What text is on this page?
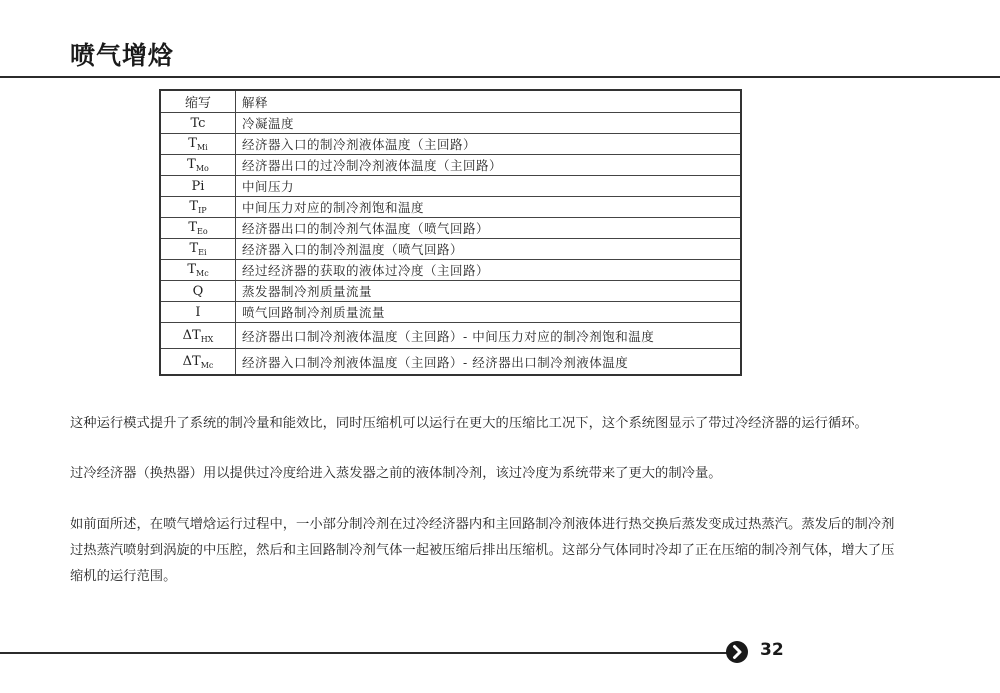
喷气增焓
缩写	解释
Tc	冷凝温度
$T_{Mi}$	经济器入口的制冷剂液体温度（主回路）
$T_{Mo}$	经济器出口的过冷制冷剂液体温度（主回路）
Pi	中间压力
$T_{IP}$	中间压力对应的制冷剂饱和温度
$T_{Eo}$	经济器出口的制冷剂气体温度（喷气回路）
$T_{Ei}$	经济器入口的制冷剂温度（喷气回路）
$T_{Mc}$	经过经济器的获取的液体过冷度（主回路）
Q	蒸发器制冷剂质量流量
I	喷气回路制冷剂质量流量
$\Delta T_{HX}$	经济器出口制冷剂液体温度（主回路）- 中间压力对应的制冷剂饱和温度
$\Delta T_{Mc}$	经济器入口制冷剂液体温度（主回路）- 经济器出口制冷剂液体温度

这种运行模式提升了系统的制冷量和能效比，同时压缩机可以运行在更大的压缩比工况下，这个系统图显示了带过冷经济器的运行循环。

过冷经济器（换热器）用以提供过冷度给进入蒸发器之前的液体制冷剂，该过冷度为系统带来了更大的制冷量。

如前面所述，在喷气增焓运行过程中，一小部分制冷剂在过冷经济器内和主回路制冷剂液体进行热交换后蒸发变成过热蒸汽。蒸发后的制冷剂过热蒸汽喷射到涡旋的中压腔，然后和主回路制冷剂气体一起被压缩后排出压缩机。这部分气体同时冷却了正在压缩的制冷剂气体，增大了压缩机的运行范围。

32
